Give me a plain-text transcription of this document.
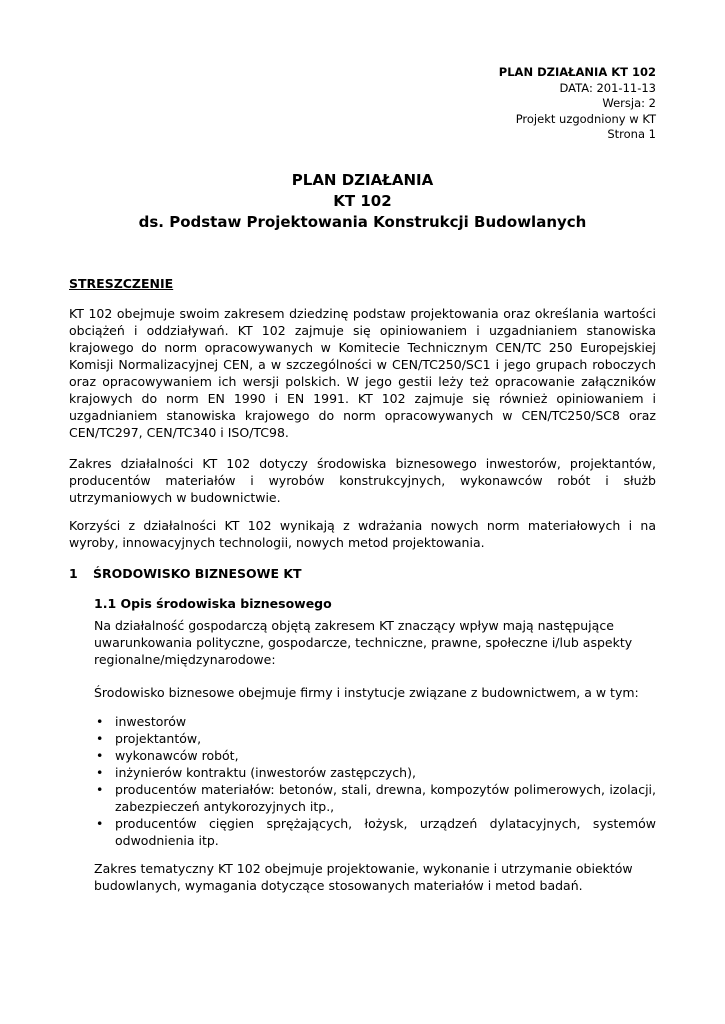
PLAN DZIAŁANIA KT 102
DATA: 201-11-13
Wersja: 2
Projekt uzgodniony w KT
Strona 1
PLAN DZIAŁANIA
KT 102
ds. Podstaw Projektowania Konstrukcji Budowlanych
STRESZCZENIE

KT 102 obejmuje swoim zakresem dziedzinę podstaw projektowania oraz określania wartości obciążeń i oddziaływań. KT 102 zajmuje się opiniowaniem i uzgadnianiem stanowiska krajowego do norm opracowywanych w Komitecie Technicznym CEN/TC 250 Europejskiej Komisji Normalizacyjnej CEN, a w szczególności w CEN/TC250/SC1 i jego grupach roboczych oraz opracowywaniem ich wersji polskich. W jego gestii leży też opracowanie załączników krajowych do norm EN 1990 i EN 1991. KT 102 zajmuje się również opiniowaniem i uzgadnianiem stanowiska krajowego do norm opracowywanych w CEN/TC250/SC8 oraz CEN/TC297, CEN/TC340 i ISO/TC98.

Zakres działalności KT 102 dotyczy środowiska biznesowego inwestorów, projektantów, producentów materiałów i wyrobów konstrukcyjnych, wykonawców robót i służb utrzymaniowych w budownictwie.

Korzyści z działalności KT 102 wynikają z wdrażania nowych norm materiałowych i na wyroby, innowacyjnych technologii, nowych metod projektowania.

1 ŚRODOWISKO BIZNESOWE KT
1.1 Opis środowiska biznesowego

Na działalność gospodarczą objętą zakresem KT znaczący wpływ mają następujące uwarunkowania polityczne, gospodarcze, techniczne, prawne, społeczne i/lub aspekty regionalne/międzynarodowe:

Środowisko biznesowe obejmuje firmy i instytucje związane z budownictwem, a w tym:

• inwestorów
• projektantów,
• wykonawców robót,
• inżynierów kontraktu (inwestorów zastępczych),
• producentów materiałów: betonów, stali, drewna, kompozytów polimerowych, izolacji, zabezpieczeń antykorozyjnych itp.,
• producentów cięgien sprężających, łożysk, urządzeń dylatacyjnych, systemów odwodnienia itp.

Zakres tematyczny KT 102 obejmuje projektowanie, wykonanie i utrzymanie obiektów budowlanych, wymagania dotyczące stosowanych materiałów i metod badań.
